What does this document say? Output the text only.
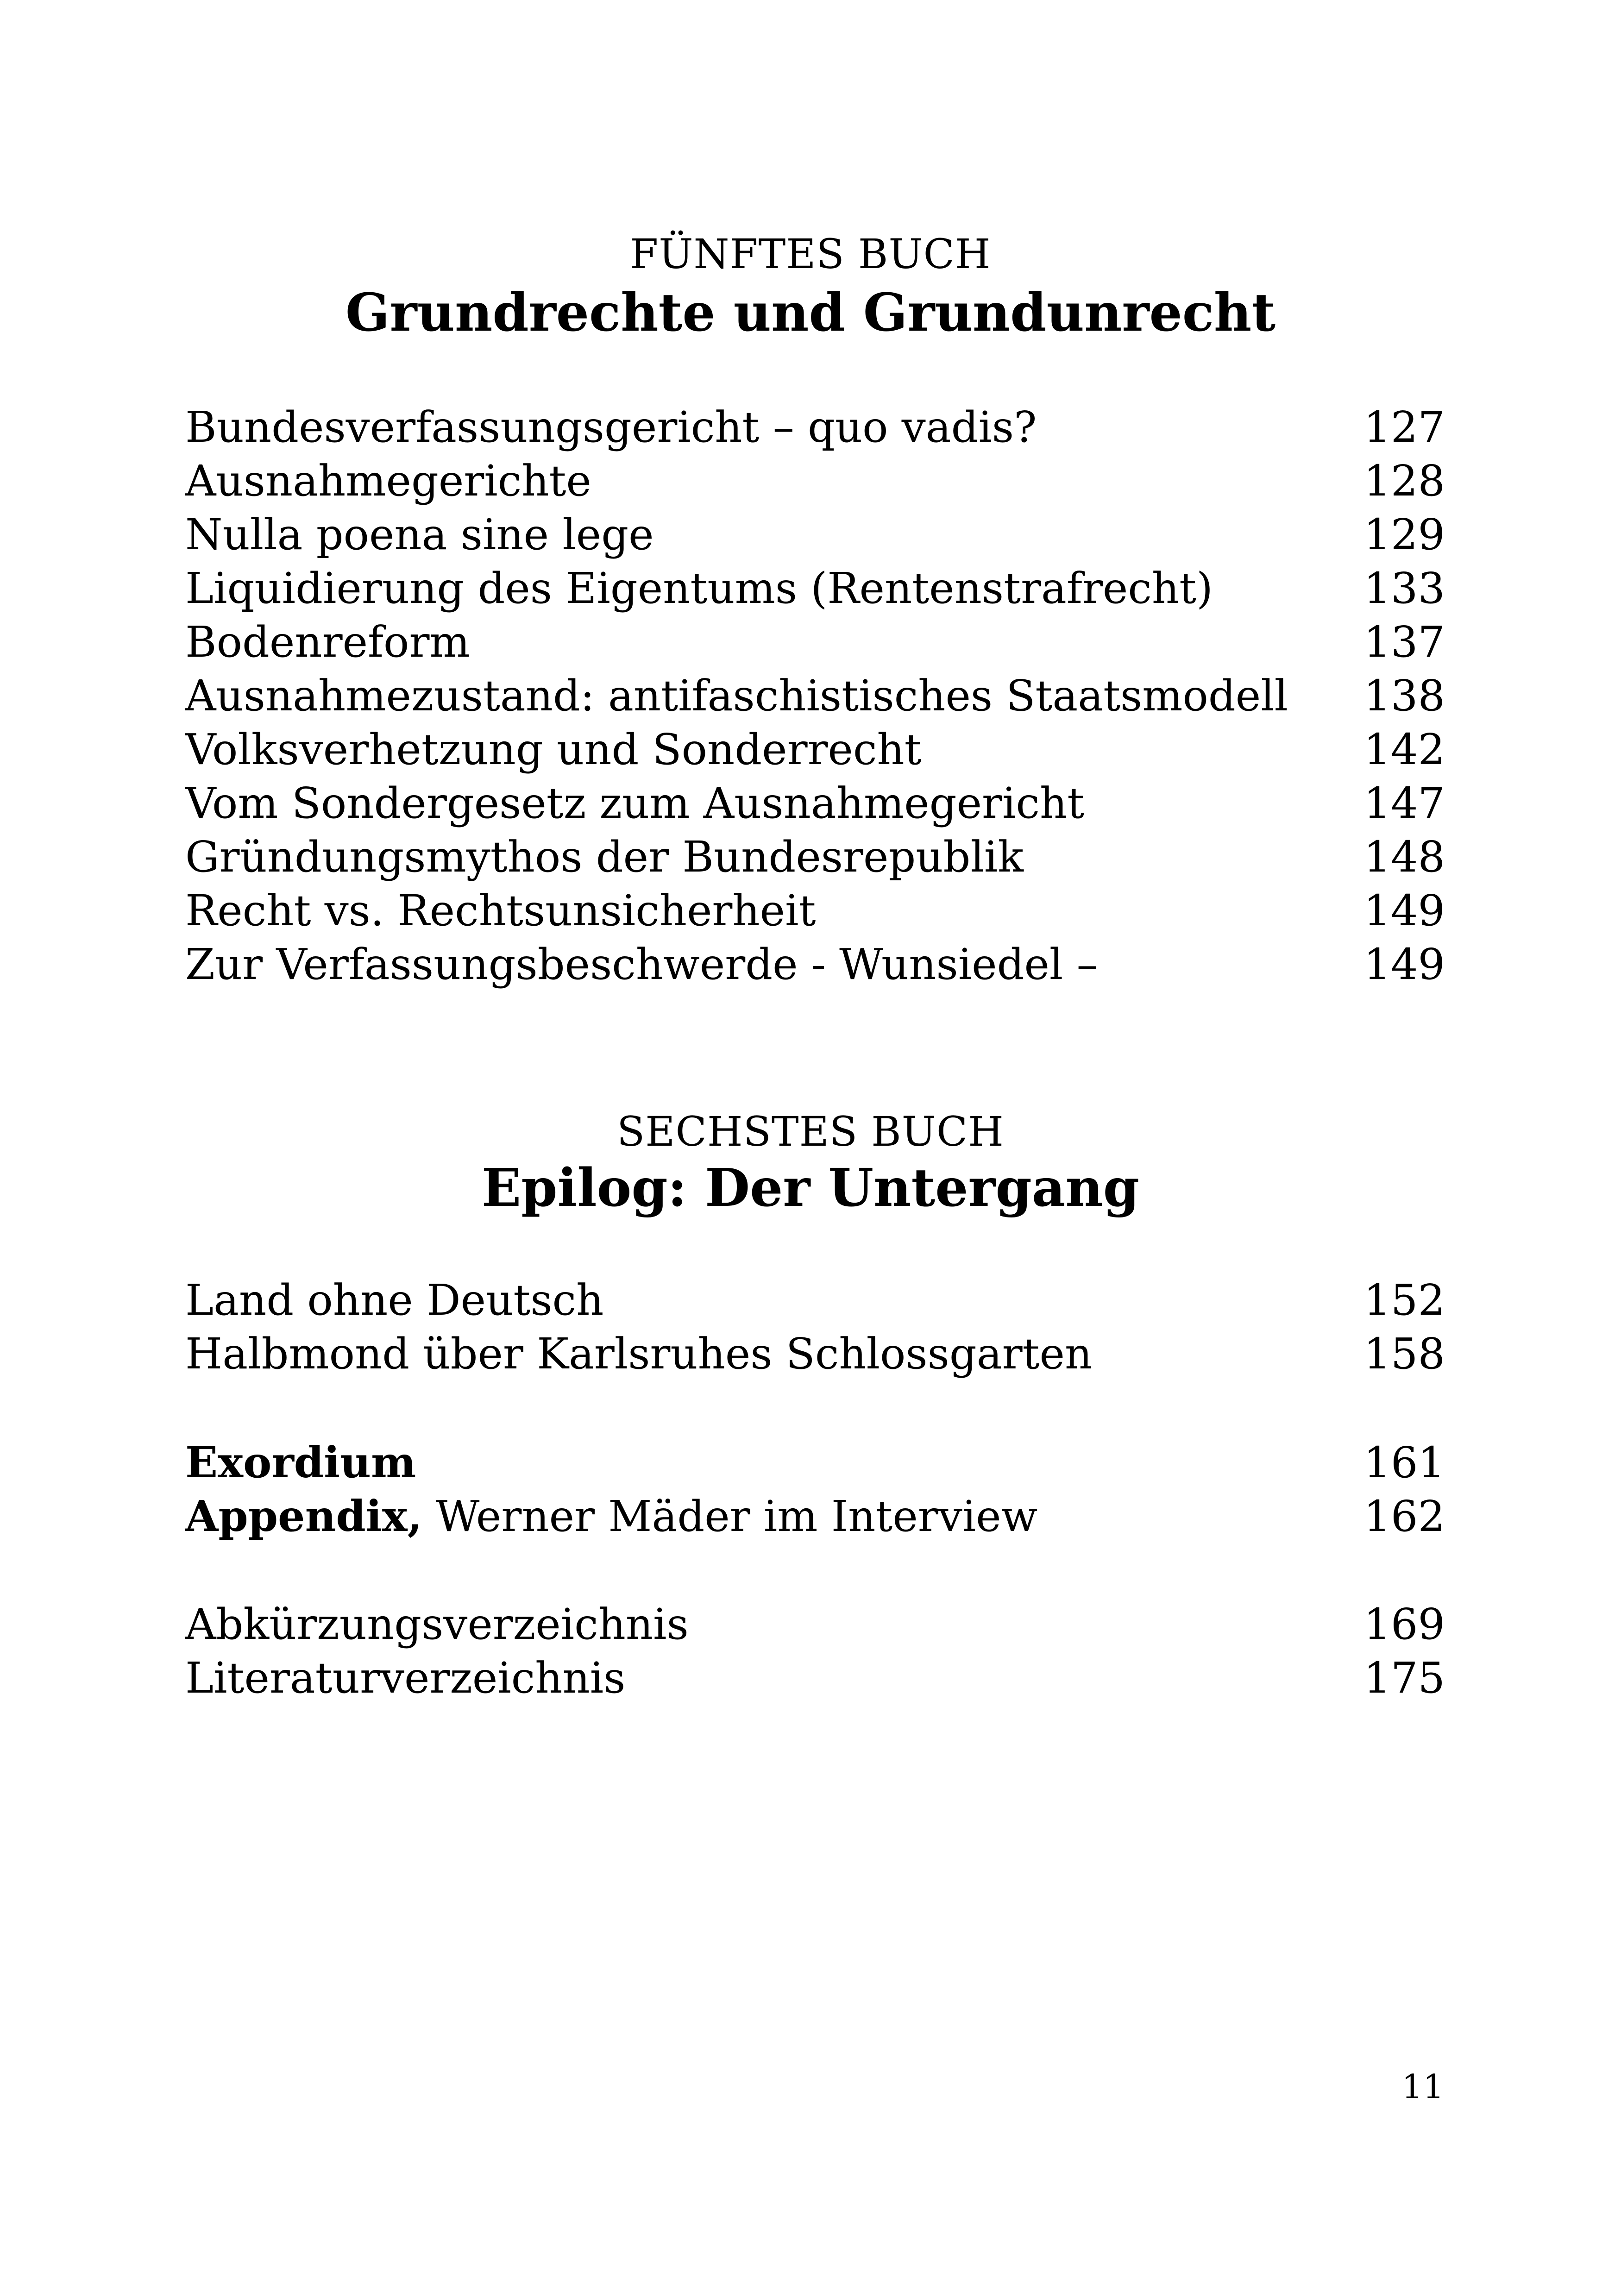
FÜNFTES BUCH
Grundrechte und Grundunrecht
Bundesverfassungsgericht – quo vadis?	127
Ausnahmegerichte	128
Nulla poena sine lege	129
Liquidierung des Eigentums (Rentenstrafrecht)	133
Bodenreform	137
Ausnahmezustand: antifaschistisches Staatsmodell	138
Volksverhetzung und Sonderrecht	142
Vom Sondergesetz zum Ausnahmegericht	147
Gründungsmythos der Bundesrepublik	148
Recht vs. Rechtsunsicherheit	149
Zur Verfassungsbeschwerde - Wunsiedel –	149
SECHSTES BUCH
Epilog: Der Untergang
Land ohne Deutsch	152
Halbmond über Karlsruhes Schlossgarten	158
Exordium	161
Appendix, Werner Mäder im Interview	162
Abkürzungsverzeichnis	169
Literaturverzeichnis	175
11
